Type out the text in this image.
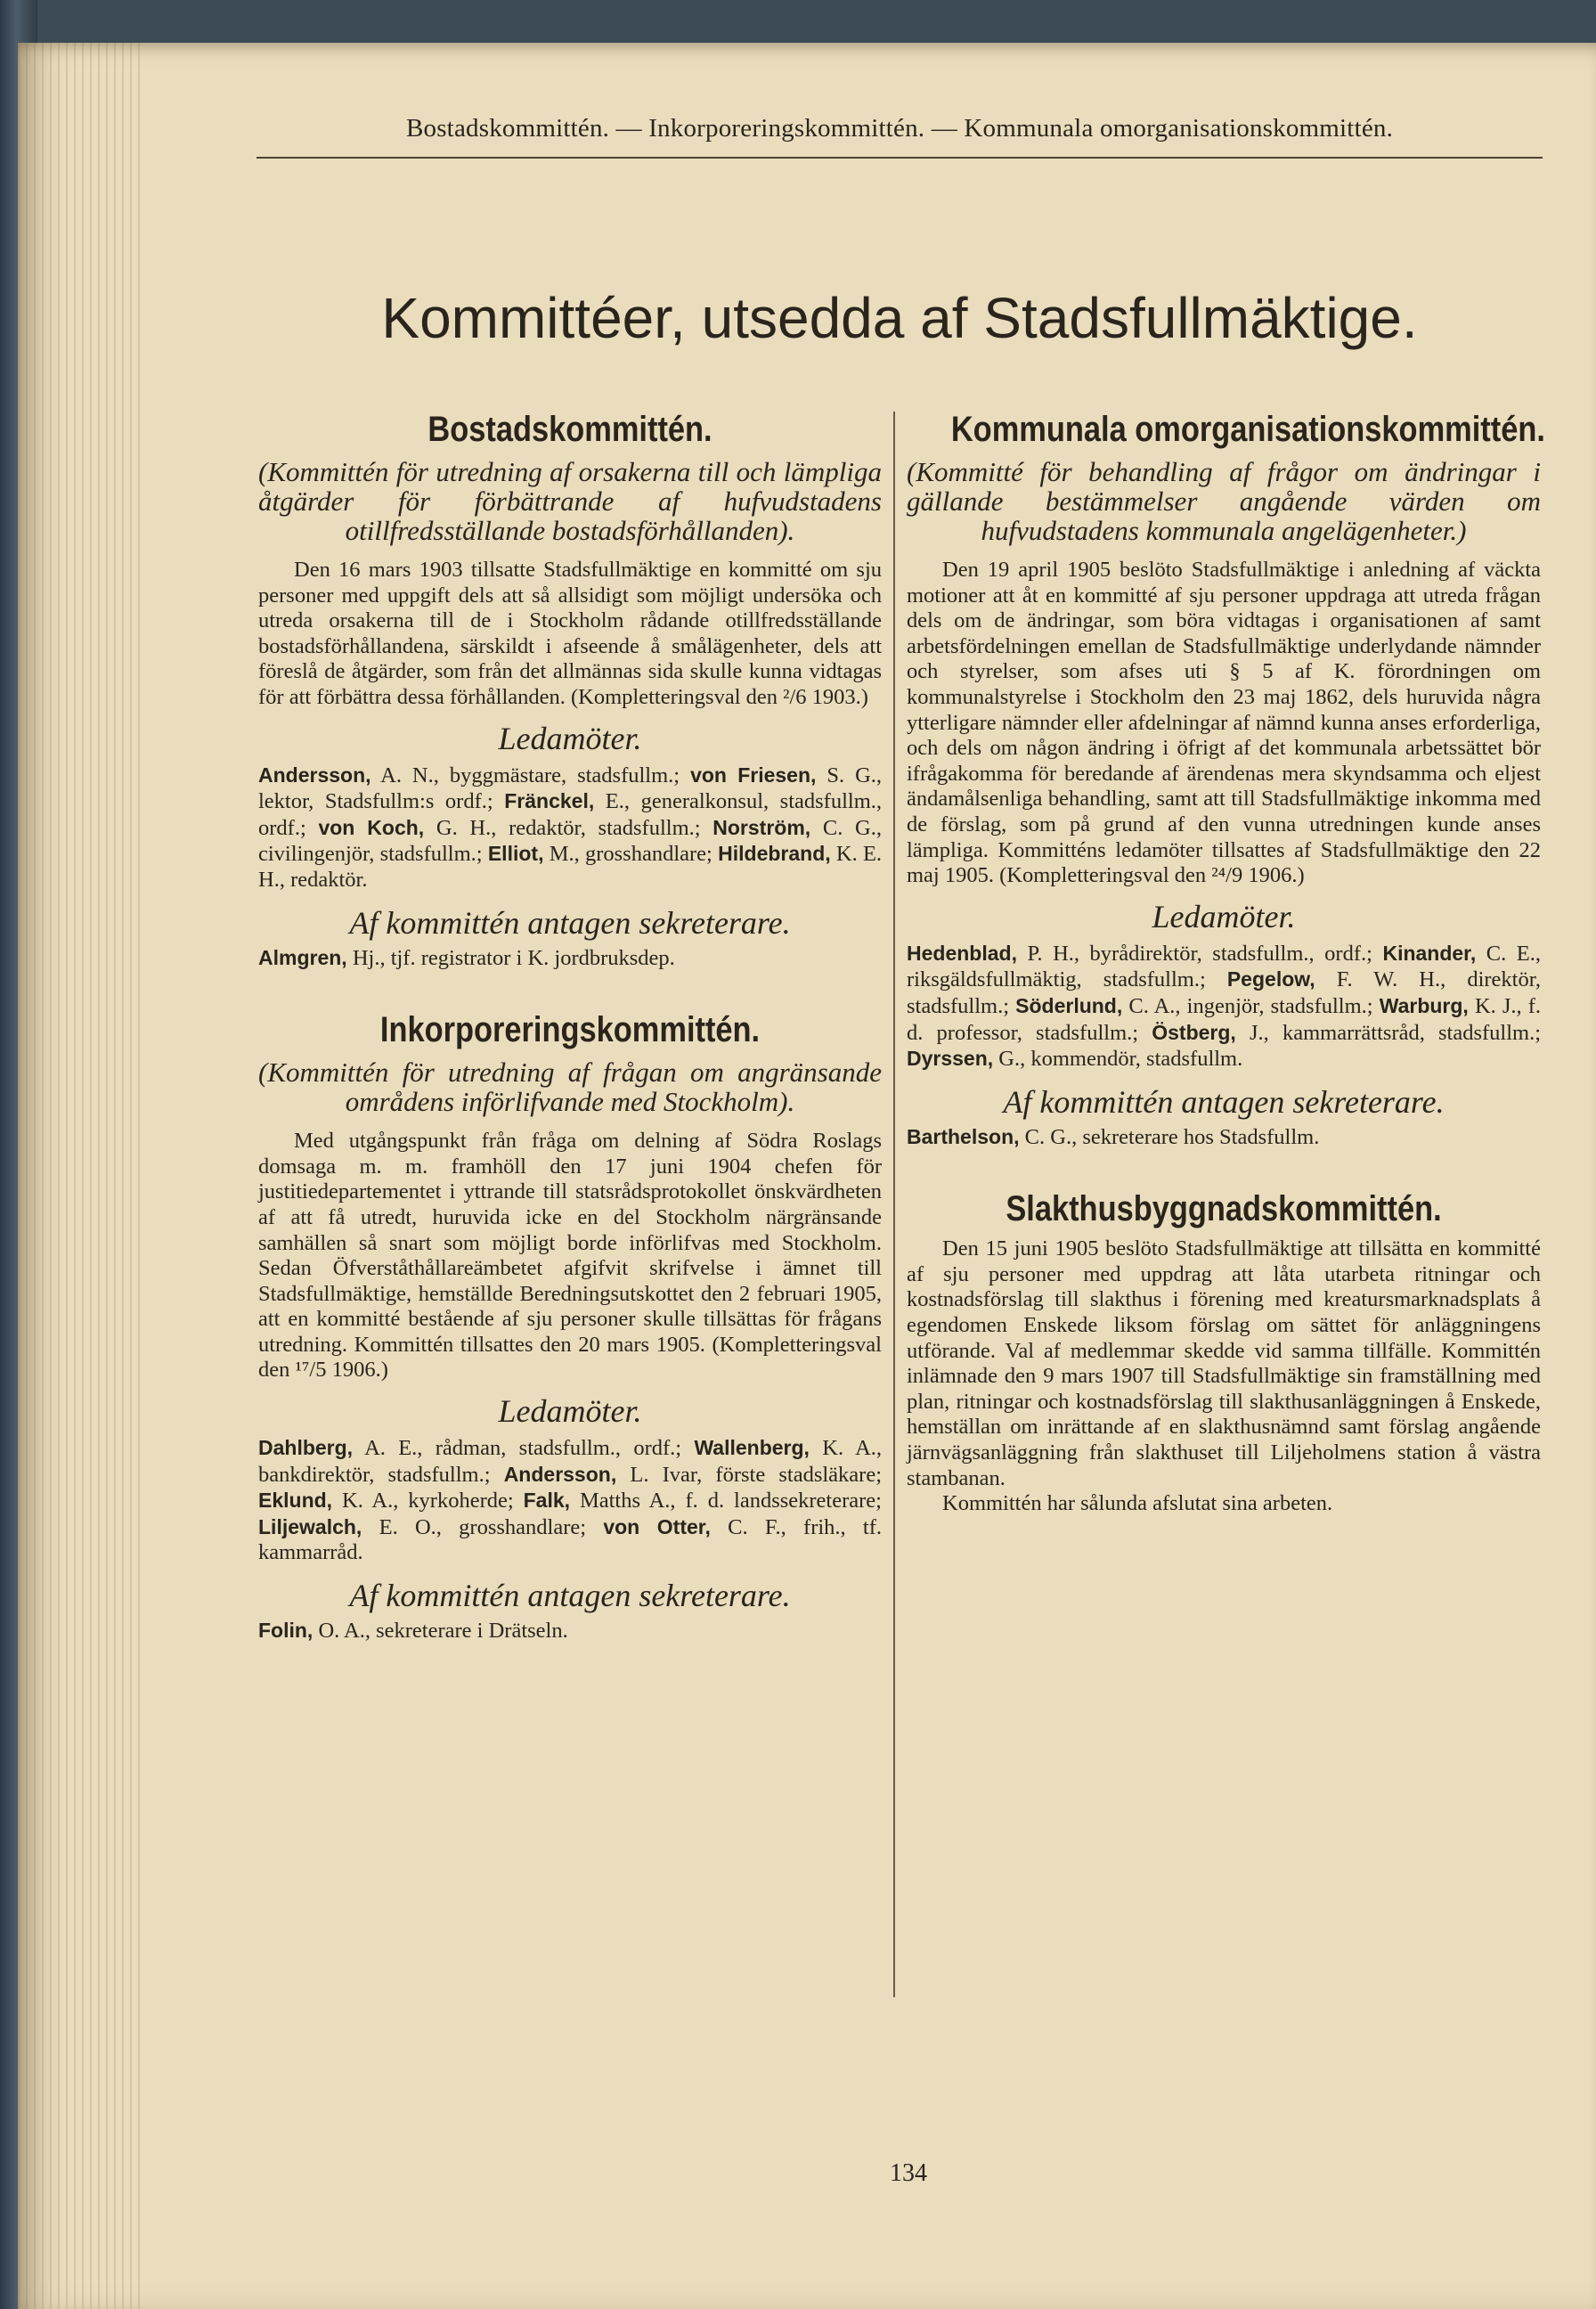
Bostadskommittén. — Inkorporeringskommittén. — Kommunala omorganisationskommittén.
Kommittéer, utsedda af Stadsfullmäktige.
Bostadskommittén.

(Kommittén för utredning af orsakerna till och lämpliga åtgärder för förbättrande af hufvudstadens otillfredsställande bostadsförhållanden).

Den 16 mars 1903 tillsatte Stadsfullmäktige en kommitté om sju personer med uppgift dels att så allsidigt som möjligt undersöka och utreda orsakerna till de i Stockholm rådande otillfredsställande bostadsförhållandena, särskildt i afseende å smålägenheter, dels att föreslå de åtgärder, som från det allmännas sida skulle kunna vidtagas för att förbättra dessa förhållanden. (Kompletteringsval den ²/6 1903.)

Ledamöter.

Andersson, A. N., byggmästare, stadsfullm.; von Friesen, S. G., lektor, Stadsfullm:s ordf.; Fränckel, E., generalkonsul, stadsfullm., ordf.; von Koch, G. H., redaktör, stadsfullm.; Norström, C. G., civilingenjör, stadsfullm.; Elliot, M., grosshandlare; Hildebrand, K. E. H., redaktör.

Af kommittén antagen sekreterare.

Almgren, Hj., tjf. registrator i K. jordbruksdep.

Inkorporeringskommittén.

(Kommittén för utredning af frågan om angränsande områdens införlifvande med Stockholm).

Med utgångspunkt från fråga om delning af Södra Roslags domsaga m. m. framhöll den 17 juni 1904 chefen för justitiedepartementet i yttrande till statsrådsprotokollet önskvärdheten af att få utredt, huruvida icke en del Stockholm närgränsande samhällen så snart som möjligt borde införlifvas med Stockholm. Sedan Öfverståthållareämbetet afgifvit skrifvelse i ämnet till Stadsfullmäktige, hemställde Beredningsutskottet den 2 februari 1905, att en kommitté bestående af sju personer skulle tillsättas för frågans utredning. Kommittén tillsattes den 20 mars 1905. (Kompletteringsval den ¹⁷/5 1906.)

Ledamöter.

Dahlberg, A. E., rådman, stadsfullm., ordf.; Wallenberg, K. A., bankdirektör, stadsfullm.; Andersson, L. Ivar, förste stadsläkare; Eklund, K. A., kyrkoherde; Falk, Matths A., f. d. landssekreterare; Liljewalch, E. O., grosshandlare; von Otter, C. F., frih., tf. kammarråd.

Af kommittén antagen sekreterare.

Folin, O. A., sekreterare i Drätseln.

Kommunala omorganisationskommittén.

(Kommitté för behandling af frågor om ändringar i gällande bestämmelser angående värden om hufvudstadens kommunala angelägenheter.)

Den 19 april 1905 beslöto Stadsfullmäktige i anledning af väckta motioner att åt en kommitté af sju personer uppdraga att utreda frågan dels om de ändringar, som böra vidtagas i organisationen af samt arbetsfördelningen emellan de Stadsfullmäktige underlydande nämnder och styrelser, som afses uti § 5 af K. förordningen om kommunalstyrelse i Stockholm den 23 maj 1862, dels huruvida några ytterligare nämnder eller afdelningar af nämnd kunna anses erforderliga, och dels om någon ändring i öfrigt af det kommunala arbetssättet bör ifrågakomma för beredande af ärendenas mera skyndsamma och eljest ändamålsenliga behandling, samt att till Stadsfullmäktige inkomma med de förslag, som på grund af den vunna utredningen kunde anses lämpliga. Kommitténs ledamöter tillsattes af Stadsfullmäktige den 22 maj 1905. (Kompletteringsval den ²⁴/9 1906.)

Ledamöter.

Hedenblad, P. H., byrådirektör, stadsfullm., ordf.; Kinander, C. E., riksgäldsfullmäktig, stadsfullm.; Pegelow, F. W. H., direktör, stadsfullm.; Söderlund, C. A., ingenjör, stadsfullm.; Warburg, K. J., f. d. professor, stadsfullm.; Östberg, J., kammarrättsråd, stadsfullm.; Dyrssen, G., kommendör, stadsfullm.

Af kommittén antagen sekreterare.

Barthelson, C. G., sekreterare hos Stadsfullm.

Slakthusbyggnadskommittén.

Den 15 juni 1905 beslöto Stadsfullmäktige att tillsätta en kommitté af sju personer med uppdrag att låta utarbeta ritningar och kostnadsförslag till slakthus i förening med kreatursmarknadsplats å egendomen Enskede liksom förslag om sättet för anläggningens utförande. Val af medlemmar skedde vid samma tillfälle. Kommittén inlämnade den 9 mars 1907 till Stadsfullmäktige sin framställning med plan, ritningar och kostnadsförslag till slakthusanläggningen å Enskede, hemställan om inrättande af en slakthusnämnd samt förslag angående järnvägsanläggning från slakthuset till Liljeholmens station å västra stambanan.

Kommittén har sålunda afslutat sina arbeten.

134
